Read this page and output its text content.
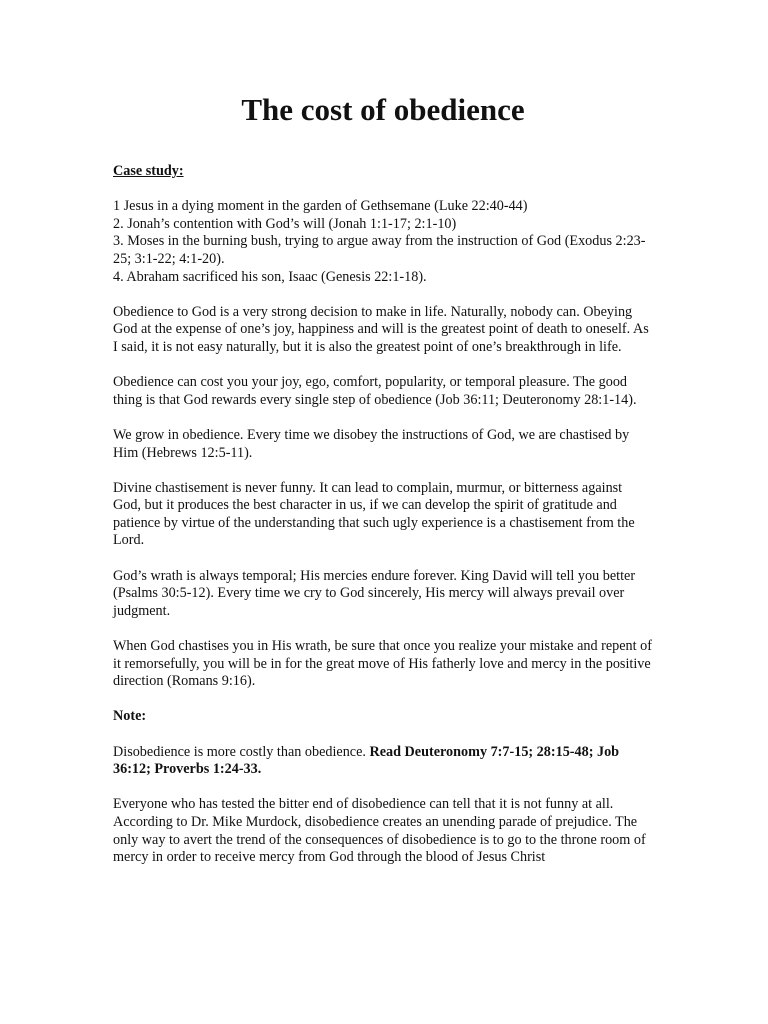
The cost of obedience

Case study:

1 Jesus in a dying moment in the garden of Gethsemane (Luke 22:40-44)
2. Jonah’s contention with God’s will (Jonah 1:1-17; 2:1-10)
3. Moses in the burning bush, trying to argue away from the instruction of God (Exodus 2:23-25; 3:1-22; 4:1-20).
4. Abraham sacrificed his son, Isaac (Genesis 22:1-18).

Obedience to God is a very strong decision to make in life. Naturally, nobody can. Obeying God at the expense of one’s joy, happiness and will is the greatest point of death to oneself. As I said, it is not easy naturally, but it is also the greatest point of one’s breakthrough in life.

Obedience can cost you your joy, ego, comfort, popularity, or temporal pleasure. The good thing is that God rewards every single step of obedience (Job 36:11; Deuteronomy 28:1-14).

We grow in obedience. Every time we disobey the instructions of God, we are chastised by Him (Hebrews 12:5-11).

Divine chastisement is never funny. It can lead to complain, murmur, or bitterness against God, but it produces the best character in us, if we can develop the spirit of gratitude and patience by virtue of the understanding that such ugly experience is a chastisement from the Lord.

God’s wrath is always temporal; His mercies endure forever. King David will tell you better (Psalms 30:5-12). Every time we cry to God sincerely, His mercy will always prevail over judgment.

When God chastises you in His wrath, be sure that once you realize your mistake and repent of it remorsefully, you will be in for the great move of His fatherly love and mercy in the positive direction (Romans 9:16).

Note:

Disobedience is more costly than obedience. Read Deuteronomy 7:7-15; 28:15-48; Job 36:12; Proverbs 1:24-33.

Everyone who has tested the bitter end of disobedience can tell that it is not funny at all. According to Dr. Mike Murdock, disobedience creates an unending parade of prejudice. The only way to avert the trend of the consequences of disobedience is to go to the throne room of mercy in order to receive mercy from God through the blood of Jesus Christ
